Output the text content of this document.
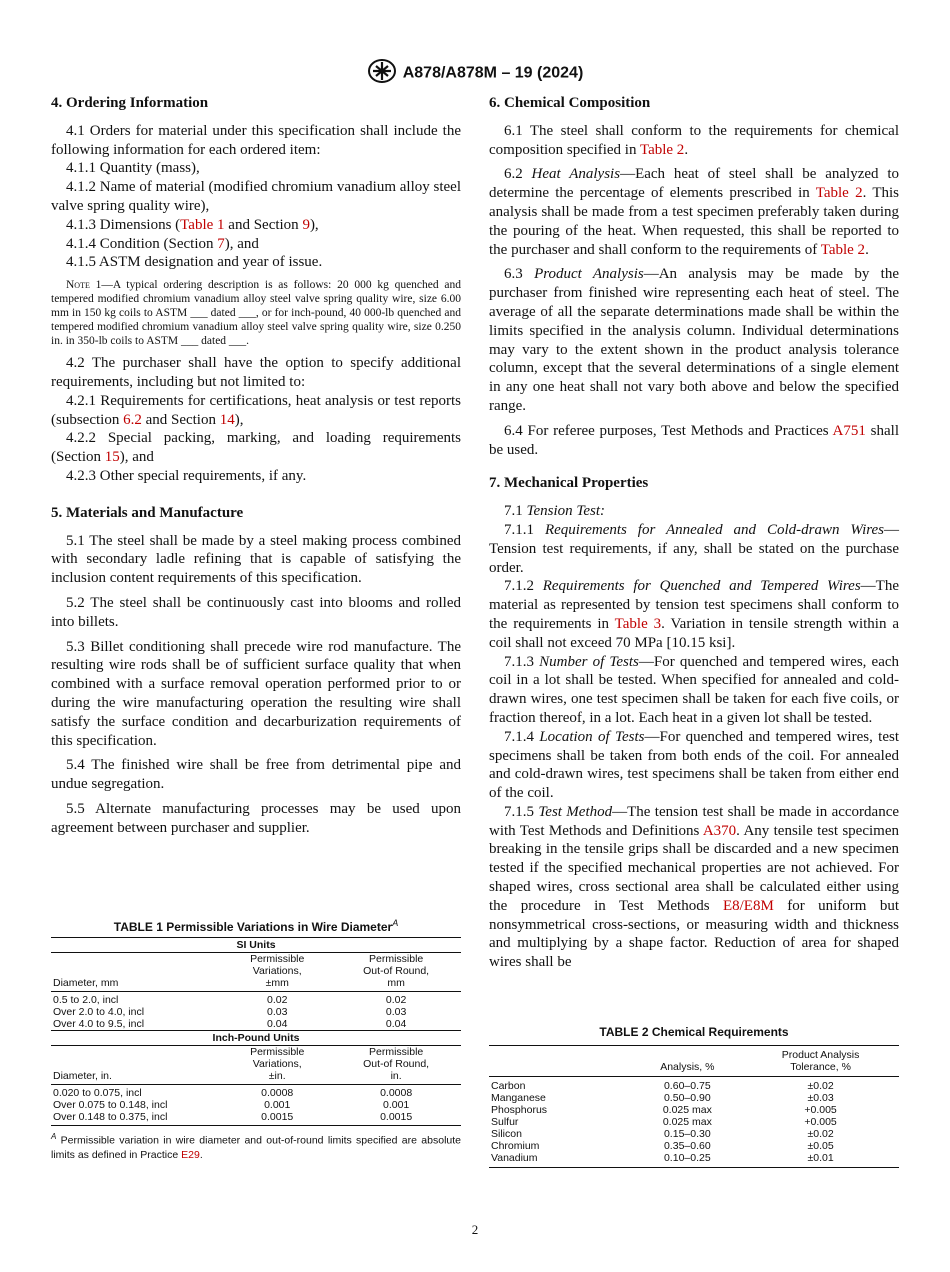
A878/A878M – 19 (2024)
4. Ordering Information

4.1 Orders for material under this specification shall include the following information for each ordered item:

4.1.1 Quantity (mass),

4.1.2 Name of material (modified chromium vanadium alloy steel valve spring quality wire),

4.1.3 Dimensions (Table 1 and Section 9),

4.1.4 Condition (Section 7), and

4.1.5 ASTM designation and year of issue.

Note 1—A typical ordering description is as follows: 20 000 kg quenched and tempered modified chromium vanadium alloy steel valve spring quality wire, size 6.00 mm in 150 kg coils to ASTM ___ dated ___, or for inch-pound, 40 000-lb quenched and tempered modified chromium vanadium alloy steel valve spring quality wire, size 0.250 in. in 350-lb coils to ASTM ___ dated ___.

4.2 The purchaser shall have the option to specify additional requirements, including but not limited to:

4.2.1 Requirements for certifications, heat analysis or test reports (subsection 6.2 and Section 14),

4.2.2 Special packing, marking, and loading requirements (Section 15), and

4.2.3 Other special requirements, if any.

5. Materials and Manufacture

5.1 The steel shall be made by a steel making process combined with secondary ladle refining that is capable of satisfying the inclusion content requirements of this specification.

5.2 The steel shall be continuously cast into blooms and rolled into billets.

5.3 Billet conditioning shall precede wire rod manufacture. The resulting wire rods shall be of sufficient surface quality that when combined with a surface removal operation performed prior to or during the wire manufacturing operation the resulting wire shall satisfy the surface condition and decarburization requirements of this specification.

5.4 The finished wire shall be free from detrimental pipe and undue segregation.

5.5 Alternate manufacturing processes may be used upon agreement between purchaser and supplier.

6. Chemical Composition

6.1 The steel shall conform to the requirements for chemical composition specified in Table 2.

6.2 Heat Analysis—Each heat of steel shall be analyzed to determine the percentage of elements prescribed in Table 2. This analysis shall be made from a test specimen preferably taken during the pouring of the heat. When requested, this shall be reported to the purchaser and shall conform to the requirements of Table 2.

6.3 Product Analysis—An analysis may be made by the purchaser from finished wire representing each heat of steel. The average of all the separate determinations made shall be within the limits specified in the analysis column. Individual determinations may vary to the extent shown in the product analysis tolerance column, except that the several determinations of a single element in any one heat shall not vary both above and below the specified range.

6.4 For referee purposes, Test Methods and Practices A751 shall be used.

7. Mechanical Properties

7.1 Tension Test:

7.1.1 Requirements for Annealed and Cold-drawn Wires—Tension test requirements, if any, shall be stated on the purchase order.

7.1.2 Requirements for Quenched and Tempered Wires—The material as represented by tension test specimens shall conform to the requirements in Table 3. Variation in tensile strength within a coil shall not exceed 70 MPa [10.15 ksi].

7.1.3 Number of Tests—For quenched and tempered wires, each coil in a lot shall be tested. When specified for annealed and cold-drawn wires, one test specimen shall be taken for each five coils, or fraction thereof, in a lot. Each heat in a given lot shall be tested.

7.1.4 Location of Tests—For quenched and tempered wires, test specimens shall be taken from both ends of the coil. For annealed and cold-drawn wires, test specimens shall be taken from either end of the coil.

7.1.5 Test Method—The tension test shall be made in accordance with Test Methods and Definitions A370. Any tensile test specimen breaking in the tensile grips shall be discarded and a new specimen tested if the specified mechanical properties are not achieved. For shaped wires, cross sectional area shall be calculated either using the procedure in Test Methods E8/E8M for uniform but nonsymmetrical cross-sections, or measuring width and thickness and multiplying by a shape factor. Reduction of area for shaped wires shall be

TABLE 1 Permissible Variations in Wire Diameter$^A$
SI Units		
Diameter, mm	Permissible
Variations,
±mm	Permissible
Out-of Round,
mm
0.5 to 2.0, incl	0.02	0.02
Over 2.0 to 4.0, incl	0.03	0.03
Over 4.0 to 9.5, incl	0.04	0.04
Inch-Pound Units		
Diameter, in.	Permissible
Variations,
±in.	Permissible
Out-of Round,
in.
0.020 to 0.075, incl	0.0008	0.0008
Over 0.075 to 0.148, incl	0.001	0.001
Over 0.148 to 0.375, incl	0.0015	0.0015
$^A$ Permissible variation in wire diameter and out-of-round limits specified are absolute limits as defined in Practice E29.
TABLE 2 Chemical Requirements
	Analysis, %	Product Analysis
Tolerance, %
Carbon	0.60–0.75	±0.02
Manganese	0.50–0.90	±0.03
Phosphorus	0.025 max	+0.005
Sulfur	0.025 max	+0.005
Silicon	0.15–0.30	±0.02
Chromium	0.35–0.60	±0.05
Vanadium	0.10–0.25	±0.01
2
